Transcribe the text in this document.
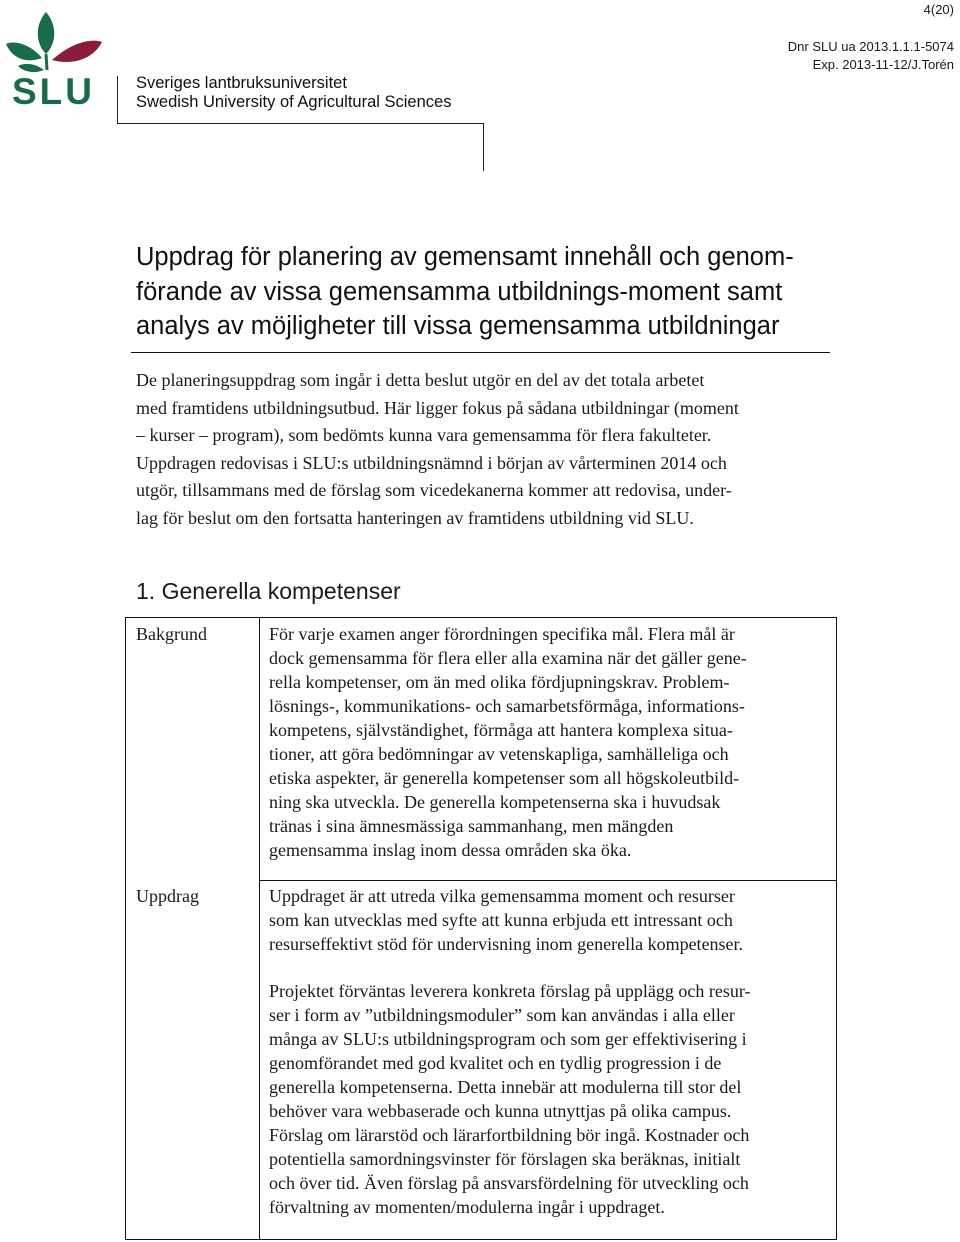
4(20)
Dnr SLU ua 2013.1.1.1-5074
Exp. 2013-11-12/J.Torén
SLU Sveriges lantbruksuniversitet
Swedish University of Agricultural Sciences
Uppdrag för planering av gemensamt innehåll och genom-
förande av vissa gemensamma utbildnings-moment samt
analys av möjligheter till vissa gemensamma utbildningar
De planeringsuppdrag som ingår i detta beslut utgör en del av det totala arbetet
med framtidens utbildningsutbud. Här ligger fokus på sådana utbildningar (moment
– kurser – program), som bedömts kunna vara gemensamma för flera fakulteter.
Uppdragen redovisas i SLU:s utbildningsnämnd i början av vårterminen 2014 och
utgör, tillsammans med de förslag som vicedekanerna kommer att redovisa, under-
lag för beslut om den fortsatta hanteringen av framtidens utbildning vid SLU.
1. Generella kompetenser
Bakgrund	För varje examen anger förordningen specifika mål. Flera mål är
dock gemensamma för flera eller alla examina när det gäller gene-
rella kompetenser, om än med olika fördjupningskrav. Problem-
lösnings-, kommunikations- och samarbetsförmåga, informations-
kompetens, självständighet, förmåga att hantera komplexa situa-
tioner, att göra bedömningar av vetenskapliga, samhälleliga och
etiska aspekter, är generella kompetenser som all högskoleutbild-
ning ska utveckla. De generella kompetenserna ska i huvudsak
tränas i sina ämnesmässiga sammanhang, men mängden
gemensamma inslag inom dessa områden ska öka.
Uppdrag	Uppdraget är att utreda vilka gemensamma moment och resurser
som kan utvecklas med syfte att kunna erbjuda ett intressant och
resurseffektivt stöd för undervisning inom generella kompetenser.

Projektet förväntas leverera konkreta förslag på upplägg och resur-
ser i form av ”utbildningsmoduler” som kan användas i alla eller
många av SLU:s utbildningsprogram och som ger effektivisering i
genomförandet med god kvalitet och en tydlig progression i de
generella kompetenserna. Detta innebär att modulerna till stor del
behöver vara webbaserade och kunna utnyttjas på olika campus.
Förslag om lärarstöd och lärarfortbildning bör ingå. Kostnader och
potentiella samordningsvinster för förslagen ska beräknas, initialt
och över tid. Även förslag på ansvarsfördelning för utveckling och
förvaltning av momenten/modulerna ingår i uppdraget.
